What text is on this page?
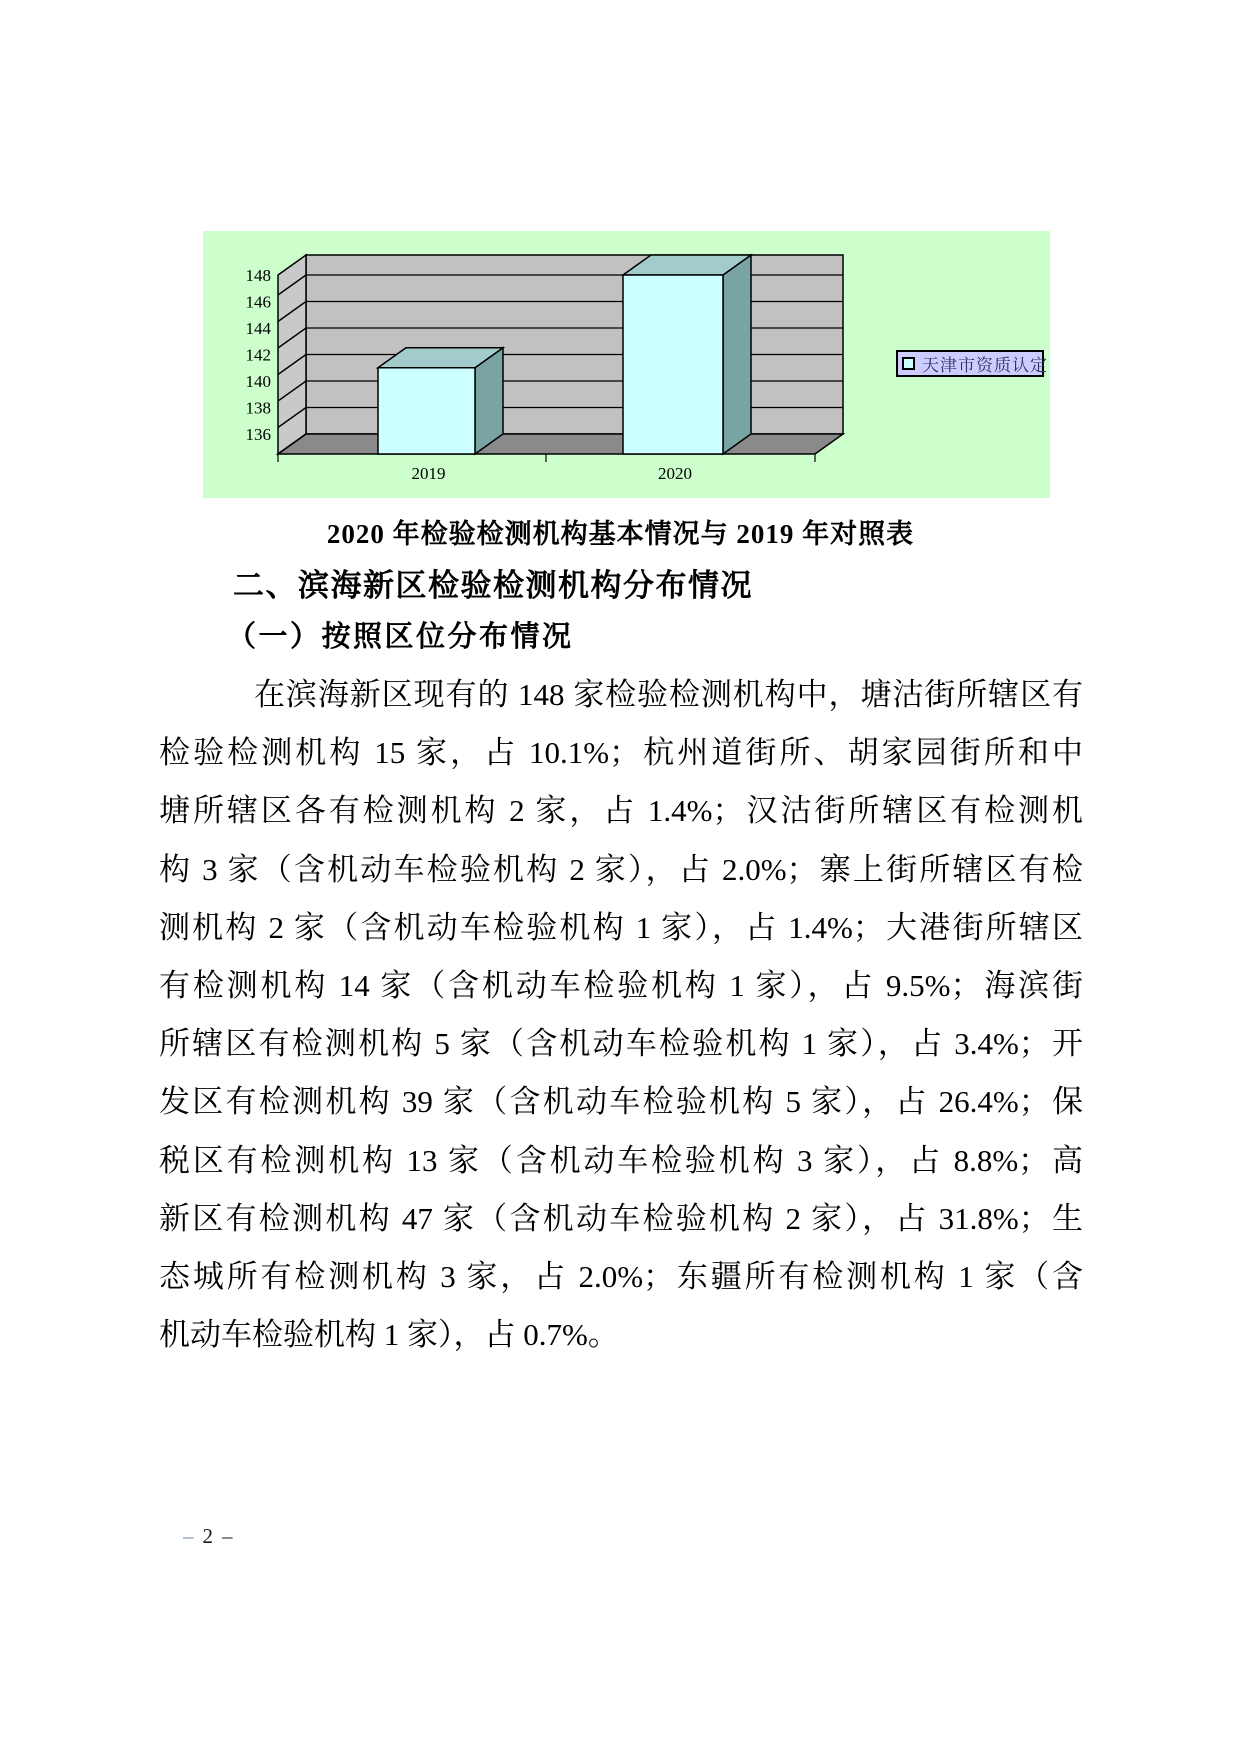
136
138
140
142
144
146
148
2019	2020
天津市资质认定
2020 年检验检测机构基本情况与 2019 年对照表
二、滨海新区检验检测机构分布情况
（一）按照区位分布情况
在滨海新区现有的 148 家检验检测机构中，塘沽街所辖区有
检验检测机构 15 家，占 10.1%；杭州道街所、胡家园街所和中
塘所辖区各有检测机构 2 家，占 1.4%；汉沽街所辖区有检测机
构 3 家（含机动车检验机构 2 家），占 2.0%；寨上街所辖区有检
测机构 2 家（含机动车检验机构 1 家），占 1.4%；大港街所辖区
有检测机构 14 家（含机动车检验机构 1 家），占 9.5%；海滨街
所辖区有检测机构 5 家（含机动车检验机构 1 家），占 3.4%；开
发区有检测机构 39 家（含机动车检验机构 5 家），占 26.4%；保
税区有检测机构 13 家（含机动车检验机构 3 家），占 8.8%；高
新区有检测机构 47 家（含机动车检验机构 2 家），占 31.8%；生
态城所有检测机构 3 家，占 2.0%；东疆所有检测机构 1 家（含
机动车检验机构 1 家），占 0.7%。
– 2 –
